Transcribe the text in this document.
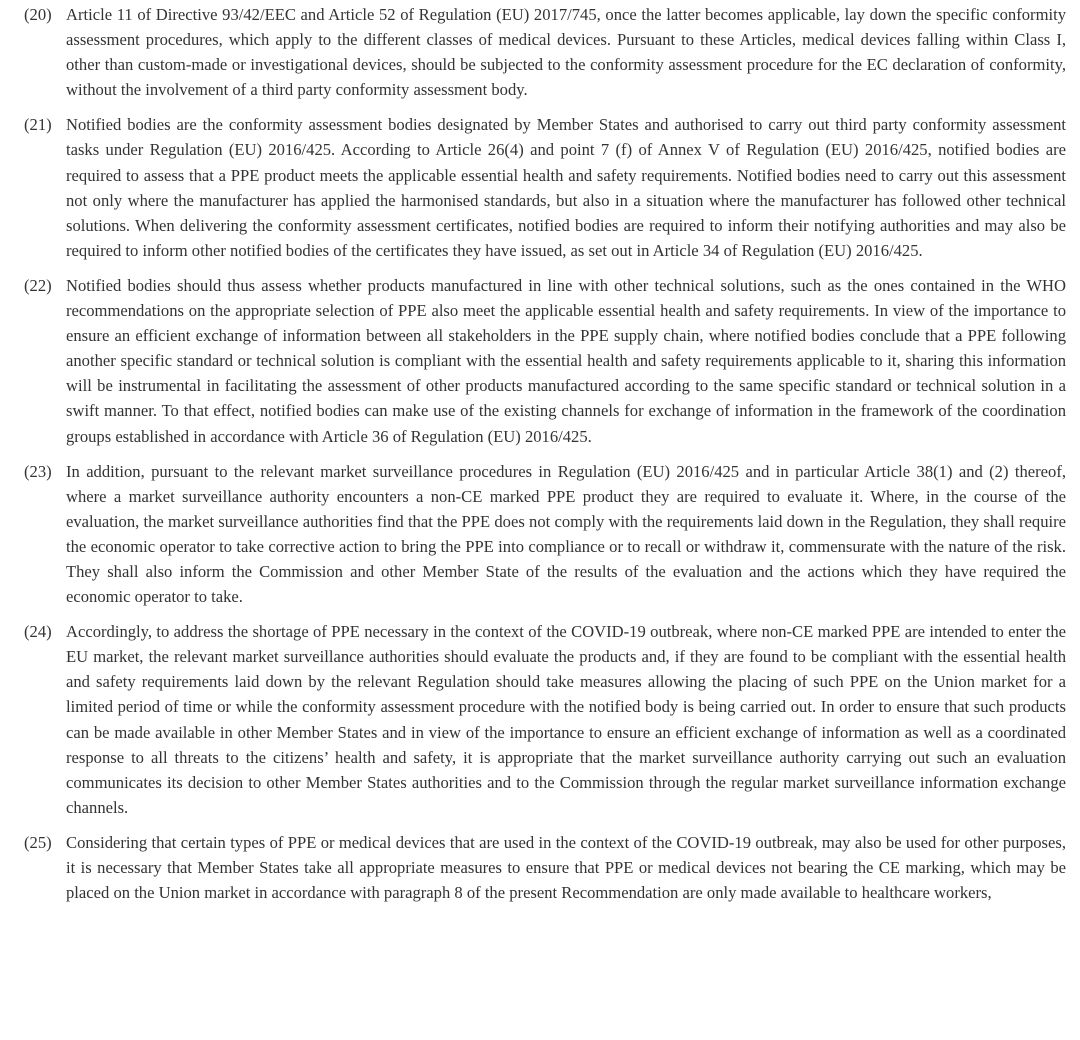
(20) Article 11 of Directive 93/42/EEC and Article 52 of Regulation (EU) 2017/745, once the latter becomes applicable, lay down the specific conformity assessment procedures, which apply to the different classes of medical devices. Pursuant to these Articles, medical devices falling within Class I, other than custom-made or investigational devices, should be subjected to the conformity assessment procedure for the EC declaration of conformity, without the involvement of a third party conformity assessment body.
(21) Notified bodies are the conformity assessment bodies designated by Member States and authorised to carry out third party conformity assessment tasks under Regulation (EU) 2016/425. According to Article 26(4) and point 7 (f) of Annex V of Regulation (EU) 2016/425, notified bodies are required to assess that a PPE product meets the applicable essential health and safety requirements. Notified bodies need to carry out this assessment not only where the manufacturer has applied the harmonised standards, but also in a situation where the manufacturer has followed other technical solutions. When delivering the conformity assessment certificates, notified bodies are required to inform their notifying authorities and may also be required to inform other notified bodies of the certificates they have issued, as set out in Article 34 of Regulation (EU) 2016/425.
(22) Notified bodies should thus assess whether products manufactured in line with other technical solutions, such as the ones contained in the WHO recommendations on the appropriate selection of PPE also meet the applicable essential health and safety requirements. In view of the importance to ensure an efficient exchange of information between all stakeholders in the PPE supply chain, where notified bodies conclude that a PPE following another specific standard or technical solution is compliant with the essential health and safety requirements applicable to it, sharing this information will be instrumental in facilitating the assessment of other products manufactured according to the same specific standard or technical solution in a swift manner. To that effect, notified bodies can make use of the existing channels for exchange of information in the framework of the coordination groups established in accordance with Article 36 of Regulation (EU) 2016/425.
(23) In addition, pursuant to the relevant market surveillance procedures in Regulation (EU) 2016/425 and in particular Article 38(1) and (2) thereof, where a market surveillance authority encounters a non-CE marked PPE product they are required to evaluate it. Where, in the course of the evaluation, the market surveillance authorities find that the PPE does not comply with the requirements laid down in the Regulation, they shall require the economic operator to take corrective action to bring the PPE into compliance or to recall or withdraw it, commensurate with the nature of the risk. They shall also inform the Commission and other Member State of the results of the evaluation and the actions which they have required the economic operator to take.
(24) Accordingly, to address the shortage of PPE necessary in the context of the COVID-19 outbreak, where non-CE marked PPE are intended to enter the EU market, the relevant market surveillance authorities should evaluate the products and, if they are found to be compliant with the essential health and safety requirements laid down by the relevant Regulation should take measures allowing the placing of such PPE on the Union market for a limited period of time or while the conformity assessment procedure with the notified body is being carried out. In order to ensure that such products can be made available in other Member States and in view of the importance to ensure an efficient exchange of information as well as a coordinated response to all threats to the citizens’ health and safety, it is appropriate that the market surveillance authority carrying out such an evaluation communicates its decision to other Member States authorities and to the Commission through the regular market surveillance information exchange channels.
(25) Considering that certain types of PPE or medical devices that are used in the context of the COVID-19 outbreak, may also be used for other purposes, it is necessary that Member States take all appropriate measures to ensure that PPE or medical devices not bearing the CE marking, which may be placed on the Union market in accordance with paragraph 8 of the present Recommendation are only made available to healthcare workers,
